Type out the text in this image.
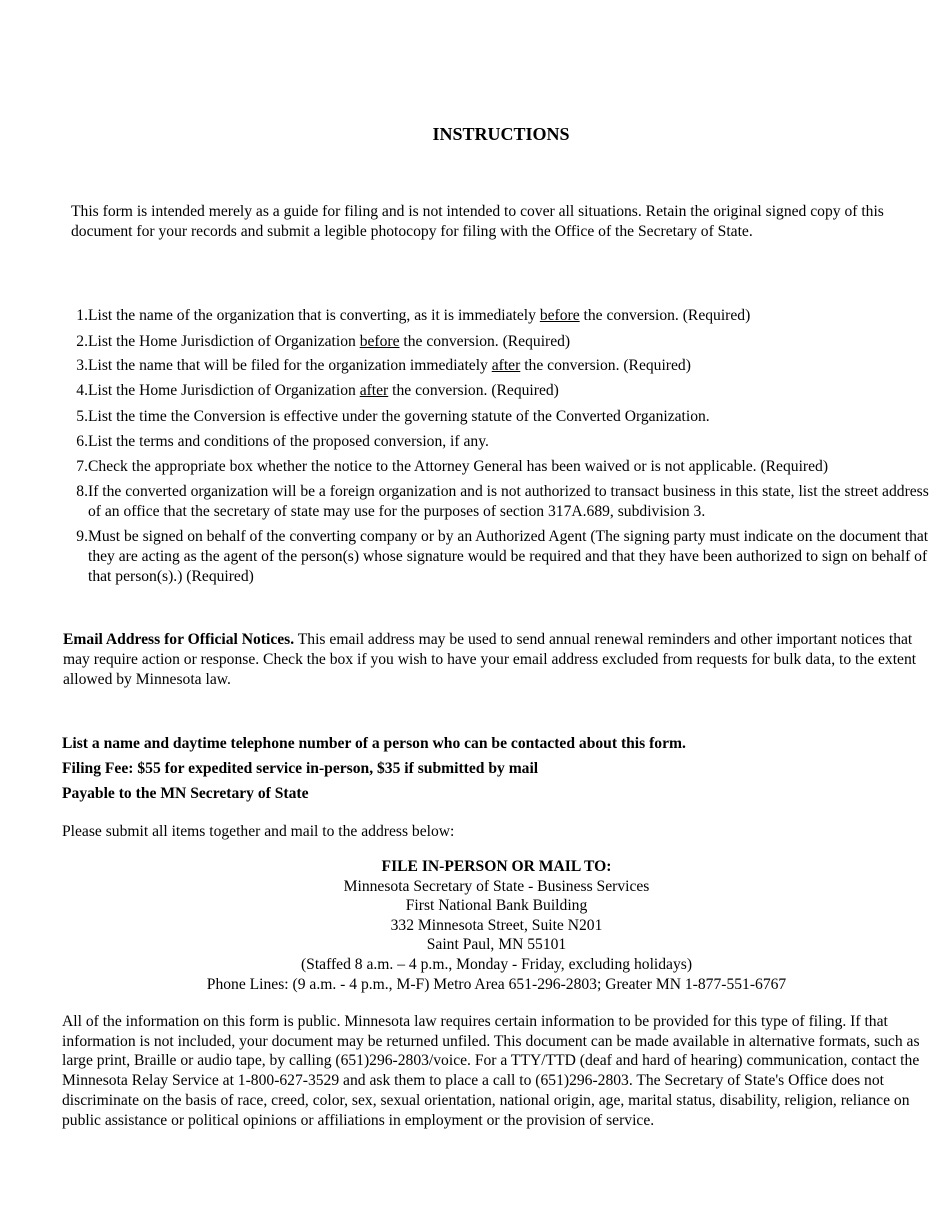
INSTRUCTIONS
This form is intended merely as a guide for filing and is not intended to cover all situations. Retain the original signed copy of this document for your records and submit a legible photocopy for filing with the Office of the Secretary of State.
1. List the name of the organization that is converting, as it is immediately before the conversion. (Required)
2. List the Home Jurisdiction of Organization before the conversion. (Required)
3. List the name that will be filed for the organization immediately after the conversion. (Required)
4. List the Home Jurisdiction of Organization after the conversion. (Required)
5. List the time the Conversion is effective under the governing statute of the Converted Organization.
6. List the terms and conditions of the proposed conversion, if any.
7. Check the appropriate box whether the notice to the Attorney General has been waived or is not applicable. (Required)
8. If the converted organization will be a foreign organization and is not authorized to transact business in this state, list the street address of an office that the secretary of state may use for the purposes of section 317A.689, subdivision 3.
9. Must be signed on behalf of the converting company or by an Authorized Agent (The signing party must indicate on the document that they are acting as the agent of the person(s) whose signature would be required and that they have been authorized to sign on behalf of that person(s).) (Required)
Email Address for Official Notices. This email address may be used to send annual renewal reminders and other important notices that may require action or response. Check the box if you wish to have your email address excluded from requests for bulk data, to the extent allowed by Minnesota law.
List a name and daytime telephone number of a person who can be contacted about this form.
Filing Fee: $55 for expedited service in-person, $35 if submitted by mail
Payable to the MN Secretary of State
Please submit all items together and mail to the address below:
FILE IN-PERSON OR MAIL TO:
Minnesota Secretary of State - Business Services
First National Bank Building
332 Minnesota Street, Suite N201
Saint Paul, MN 55101
(Staffed 8 a.m. – 4 p.m., Monday - Friday, excluding holidays)
Phone Lines: (9 a.m. - 4 p.m., M-F) Metro Area 651-296-2803; Greater MN 1-877-551-6767
All of the information on this form is public. Minnesota law requires certain information to be provided for this type of filing. If that information is not included, your document may be returned unfiled. This document can be made available in alternative formats, such as large print, Braille or audio tape, by calling (651)296-2803/voice. For a TTY/TTD (deaf and hard of hearing) communication, contact the Minnesota Relay Service at 1-800-627-3529 and ask them to place a call to (651)296-2803. The Secretary of State's Office does not discriminate on the basis of race, creed, color, sex, sexual orientation, national origin, age, marital status, disability, religion, reliance on public assistance or political opinions or affiliations in employment or the provision of service.
